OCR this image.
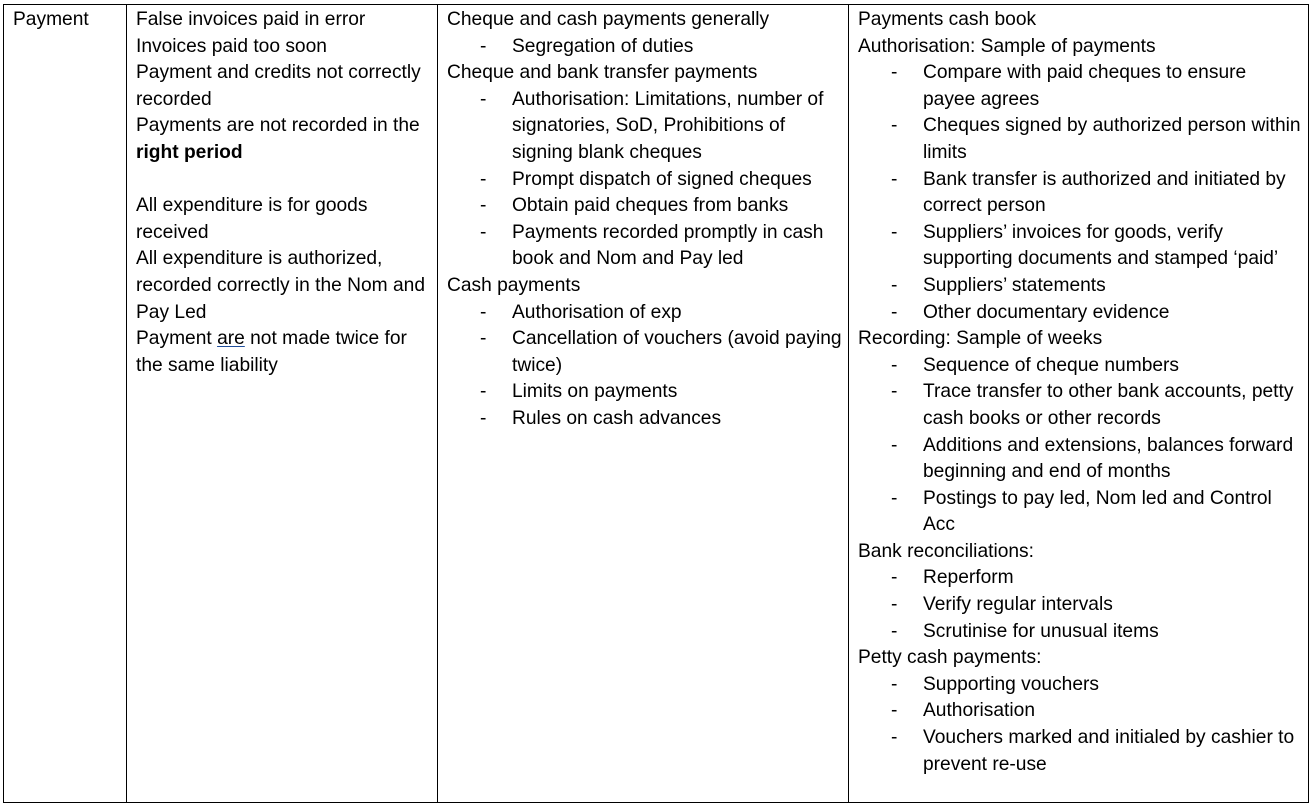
Payment	False invoices paid in error
Invoices paid too soon
Payment and credits not correctly recorded
Payments are not recorded in the right period
All expenditure is for goods received
All expenditure is authorized, recorded correctly in the Nom and Pay Led
Payment are not made twice for the same liability
Cheque and cash payments generally
- Segregation of duties
Cheque and bank transfer payments
- Authorisation: Limitations, number of signatories, SoD, Prohibitions of signing blank cheques
- Prompt dispatch of signed cheques
- Obtain paid cheques from banks
- Payments recorded promptly in cash book and Nom and Pay led
Cash payments
- Authorisation of exp
- Cancellation of vouchers (avoid paying twice)
- Limits on payments
- Rules on cash advances
Payments cash book
Authorisation: Sample of payments
- Compare with paid cheques to ensure payee agrees
- Cheques signed by authorized person within limits
- Bank transfer is authorized and initiated by correct person
- Suppliers’ invoices for goods, verify supporting documents and stamped ‘paid’
- Suppliers’ statements
- Other documentary evidence
Recording: Sample of weeks
- Sequence of cheque numbers
- Trace transfer to other bank accounts, petty cash books or other records
- Additions and extensions, balances forward beginning and end of months
- Postings to pay led, Nom led and Control Acc
Bank reconciliations:
- Reperform
- Verify regular intervals
- Scrutinise for unusual items
Petty cash payments:
- Supporting vouchers
- Authorisation
- Vouchers marked and initialed by cashier to prevent re-use
